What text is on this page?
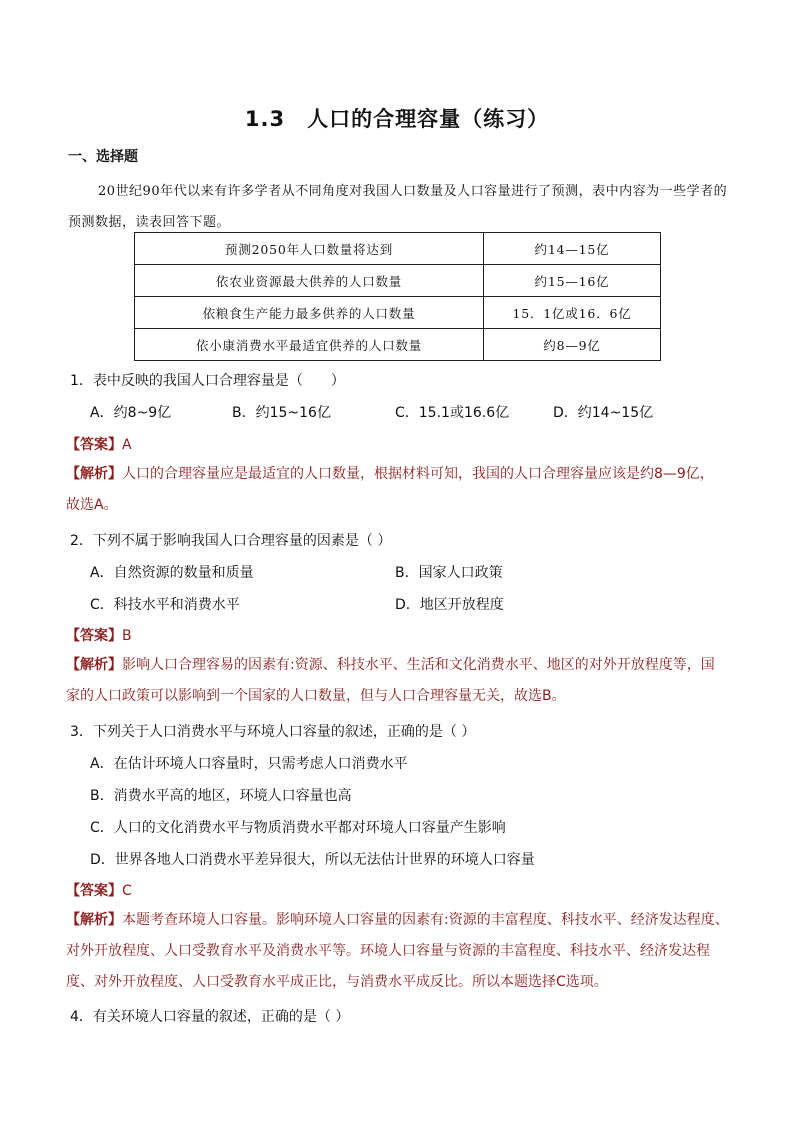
1.3　人口的合理容量（练习）
一、选择题
20世纪90年代以来有许多学者从不同角度对我国人口数量及人口容量进行了预测，表中内容为一些学者的预测数据，读表回答下题。
预测2050年人口数量将达到	约14—15亿
依农业资源最大供养的人口数量	约15—16亿
依粮食生产能力最多供养的人口数量	15．1亿或16．6亿
依小康消费水平最适宜供养的人口数量	约8—9亿
1．表中反映的我国人口合理容量是（　　）
A．约8~9亿	B．约15~16亿	C．15.1或16.6亿	D．约14~15亿
【答案】A
【解析】人口的合理容量应是最适宜的人口数量，根据材料可知，我国的人口合理容量应该是约8—9亿，
故选A。
2．下列不属于影响我国人口合理容量的因素是（ ）
A．自然资源的数量和质量	B．国家人口政策
C．科技水平和消费水平	D．地区开放程度
【答案】B
【解析】影响人口合理容易的因素有:资源、科技水平、生活和文化消费水平、地区的对外开放程度等，国
家的人口政策可以影响到一个国家的人口数量，但与人口合理容量无关，故选B。
3．下列关于人口消费水平与环境人口容量的叙述，正确的是（ ）
A．在估计环境人口容量时，只需考虑人口消费水平
B．消费水平高的地区，环境人口容量也高
C．人口的文化消费水平与物质消费水平都对环境人口容量产生影响
D．世界各地人口消费水平差异很大，所以无法估计世界的环境人口容量
【答案】C
【解析】本题考查环境人口容量。影响环境人口容量的因素有:资源的丰富程度、科技水平、经济发达程度、
对外开放程度、人口受教育水平及消费水平等。环境人口容量与资源的丰富程度、科技水平、经济发达程
度、对外开放程度、人口受教育水平成正比，与消费水平成反比。所以本题选择C选项。
4．有关环境人口容量的叙述，正确的是（ ）
